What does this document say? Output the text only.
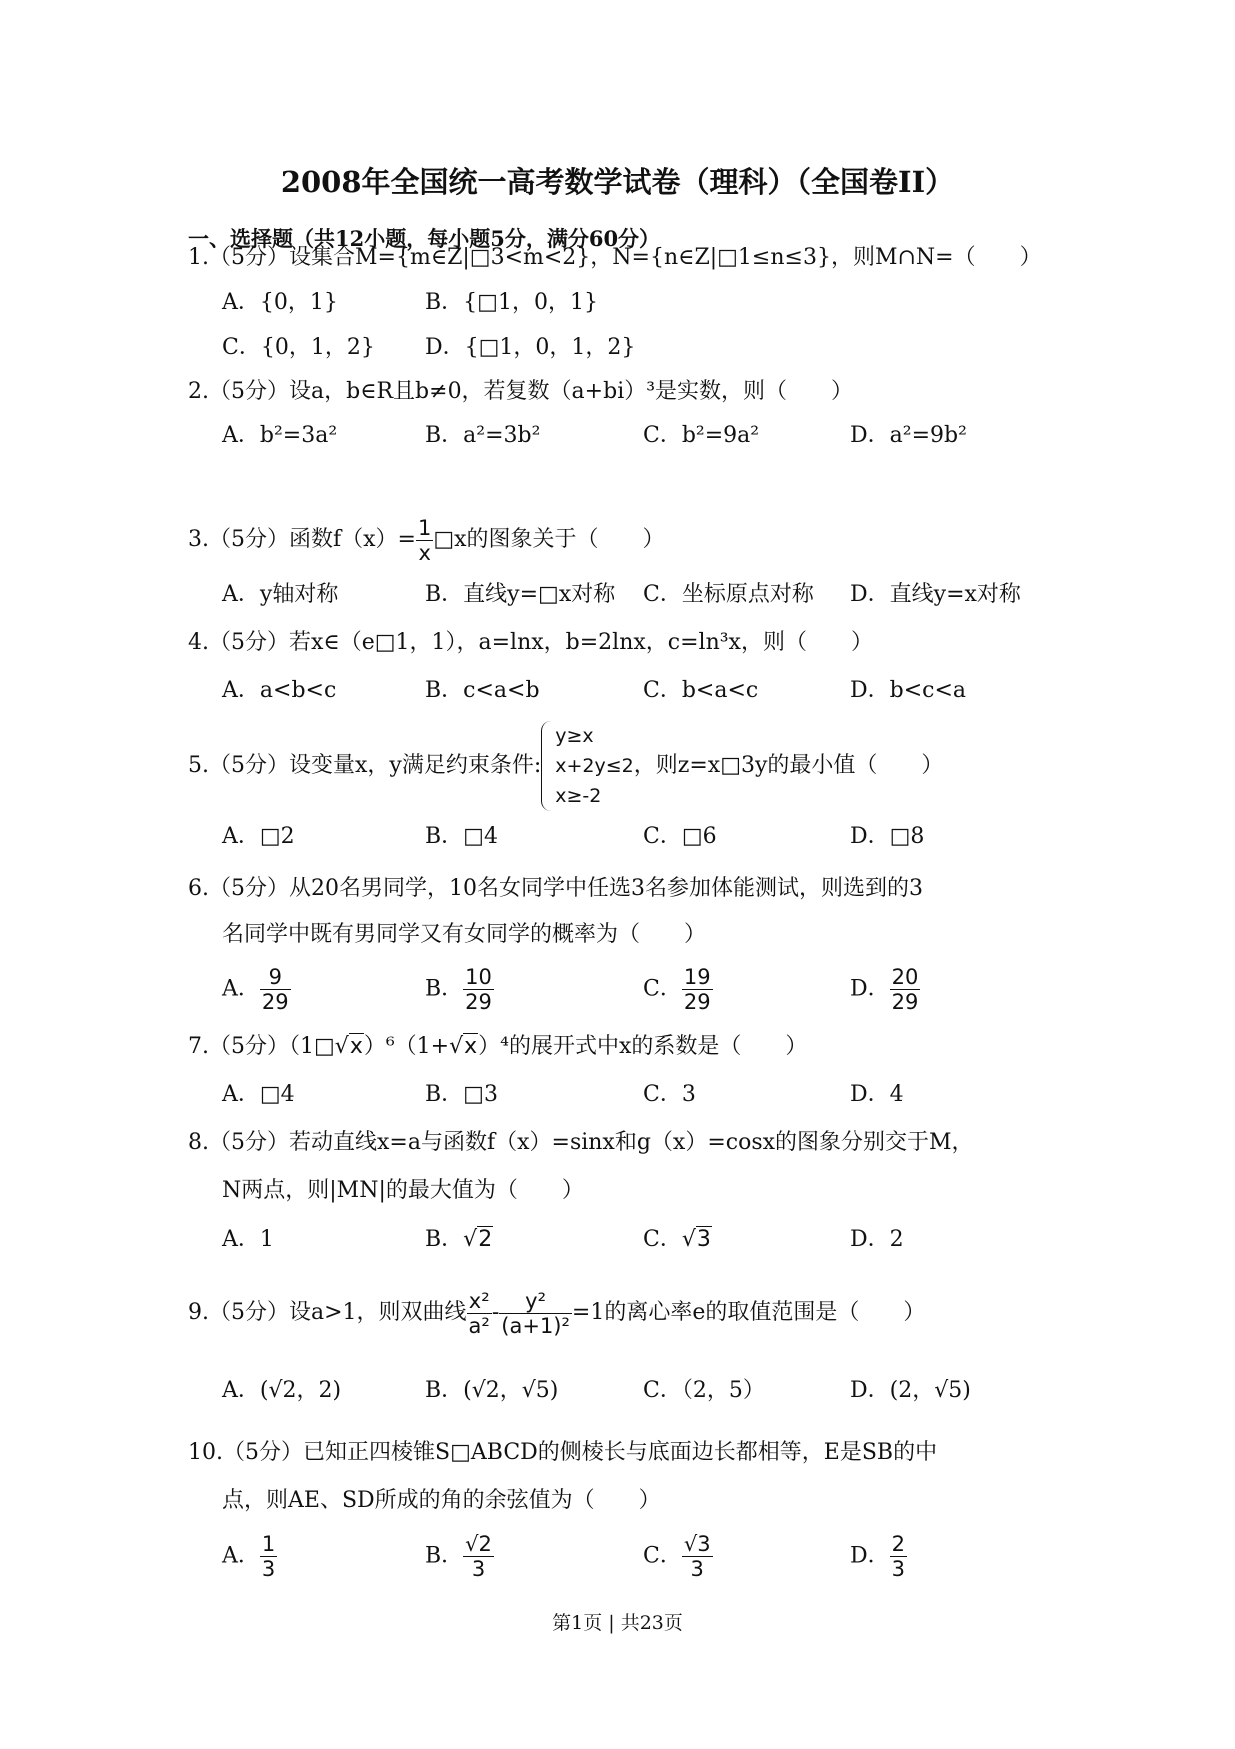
2008年全国统一高考数学试卷（理科）（全国卷II）
一、选择题（共12小题，每小题5分，满分60分）
1.（5分）设集合M={m∈Z|□3<m<2}，N={n∈Z|□1≤n≤3}，则M∩N=（　　）
A．{0，1}	B．{□1，0，1}
C．{0，1，2} D．{□1，0，1，2}
2.（5分）设a，b∈R且b≠0，若复数（a+bi）³是实数，则（　　）
A．b²=3a²	B．a²=3b²	C．b²=9a²	D．a²=9b²
3.（5分）函数$f(x)= \frac{1}{x}$ □x的图象关于（　　）
A．y轴对称	B．直线y=□x对称 C．坐标原点对称 D．直线y=x对称
4.（5分）若x∈（e□1，1），a=lnx，b=2lnx，c=ln³x，则（　　）
A．a<b<c	B．c<a<b	C．b<a<c	D．b<c<a
5.（5分）设变量x，y满足约束条件:
y≥x
x+2y≤2
x≥-2
，则z=x□3y的最小值（　　）
A．□2	B．□4	C．□6	D．□8
6.（5分）从20名男同学，10名女同学中任选3名参加体能测试，则选到的3
名同学中既有男同学又有女同学的概率为（　　）
A． $\frac{9}{29}$	B． $\frac{10}{29}$	C． $\frac{19}{29}$	D． $\frac{20}{29}$
7.（5分）（1□√x）⁶（1+√x）⁴的展开式中x的系数是（　　）
A．□4	B．□3	C．3	D．4
8.（5分）若动直线x=a与函数f（x）=sinx和g（x）=cosx的图象分别交于M，
N两点，则|MN|的最大值为（　　）
A．1	B．√2	C．√3	D．2
9.（5分）设a>1，则双曲线 $\frac{\text{x²}}{\text{a²}} - \frac{\text{y²}}{\text{(a+1)²}} =1$的离心率e的取值范围是（　　）
A．(√2，2)	B．(√2，√5)	C．（2，5）	D．(2，√5)
10.（5分）已知正四棱锥S□ABCD的侧棱长与底面边长都相等，E是SB的中
点，则AE、SD所成的角的余弦值为（　　）
A． $\frac{1}{3}$	B． $\frac{√2}{3}$	C． $\frac{√3}{3}$	D． $\frac{2}{3}$
第1页 | 共23页
